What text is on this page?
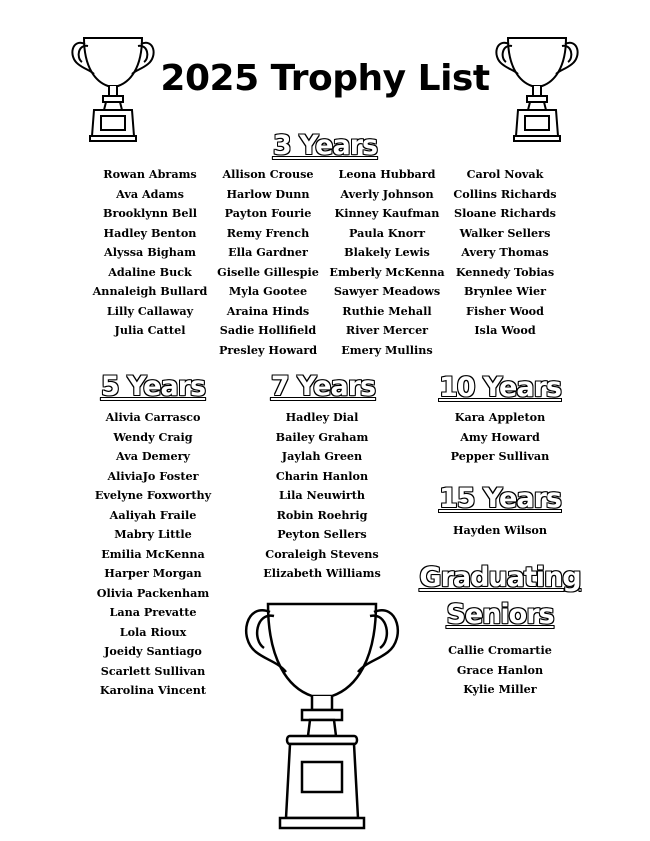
2025 Trophy List
3 Years
Rowan Abrams
Ava Adams
Brooklynn Bell
Hadley Benton
Alyssa Bigham
Adaline Buck
Annaleigh Bullard
Lilly Callaway
Julia Cattel
Allison Crouse
Harlow Dunn
Payton Fourie
Remy French
Ella Gardner
Giselle Gillespie
Myla Gootee
Araina Hinds
Sadie Hollifield
Presley Howard
Leona Hubbard
Averly Johnson
Kinney Kaufman
Paula Knorr
Blakely Lewis
Emberly McKenna
Sawyer Meadows
Ruthie Mehall
River Mercer
Emery Mullins
Carol Novak
Collins Richards
Sloane Richards
Walker Sellers
Avery Thomas
Kennedy Tobias
Brynlee Wier
Fisher Wood
Isla Wood
5 Years
Alivia Carrasco
Wendy Craig
Ava Demery
AliviaJo Foster
Evelyne Foxworthy
Aaliyah Fraile
Mabry Little
Emilia McKenna
Harper Morgan
Olivia Packenham
Lana Prevatte
Lola Rioux
Joeidy Santiago
Scarlett Sullivan
Karolina Vincent
7 Years
Hadley Dial
Bailey Graham
Jaylah Green
Charin Hanlon
Lila Neuwirth
Robin Roehrig
Peyton Sellers
Coraleigh Stevens
Elizabeth Williams
10 Years
Kara Appleton
Amy Howard
Pepper Sullivan
15 Years
Hayden Wilson
Graduating
Seniors
Callie Cromartie
Grace Hanlon
Kylie Miller
